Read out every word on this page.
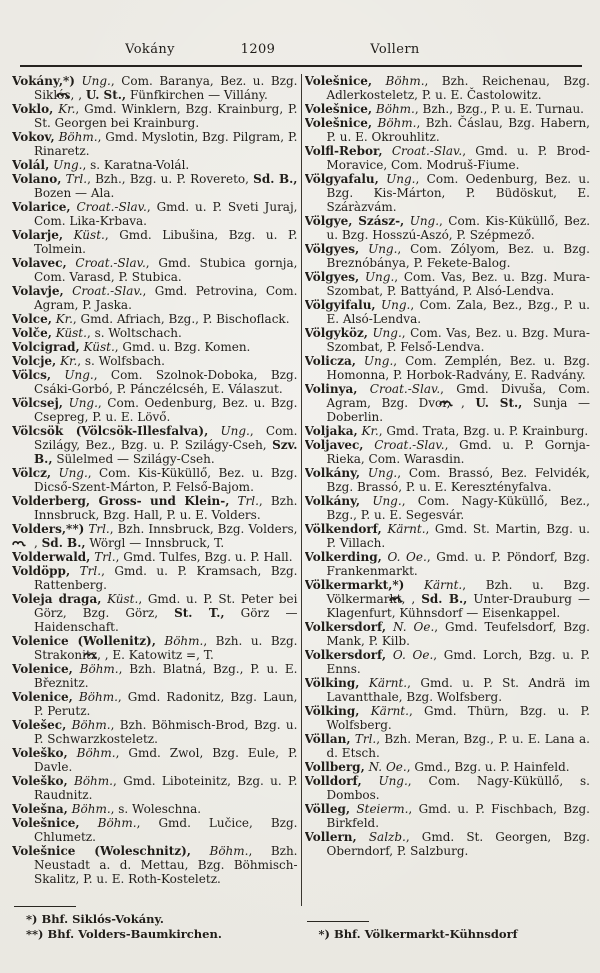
Vokány	1209	Vollern
Vokány,*) Ung., Com. Baranya, Bez. u. Bzg. Siklós, , U. St., Fünfkirchen — Villány.
Voklo, Kr., Gmd. Winklern, Bzg. Krainburg, P. St. Georgen bei Krainburg.
Vokov, Böhm., Gmd. Myslotin, Bzg. Pilgram, P. Rinaretz.
Volál, Ung., s. Karatna-Volál.
Volano, Trl., Bzh., Bzg. u. P. Rovereto, Sd. B., Bozen — Ala.
Volarice, Croat.-Slav., Gmd. u. P. Sveti Juraj, Com. Lika-Krbava.
Volarje, Küst., Gmd. Libušina, Bzg. u. P. Tolmein.
Volavec, Croat.-Slav., Gmd. Stubica gornja, Com. Varasd, P. Stubica.
Volavje, Croat.-Slav., Gmd. Petrovina, Com. Agram, P. Jaska.
Volce, Kr., Gmd. Afriach, Bzg., P. Bischoflack.
Volče, Küst., s. Woltschach.
Volcigrad, Küst., Gmd. u. Bzg. Komen.
Volcje, Kr., s. Wolfsbach.
Völcs, Ung., Com. Szolnok-Doboka, Bzg. Csáki-Gorbó, P. Pánczélcséh, E. Válaszut.
Völcsej, Ung., Com. Oedenburg, Bez. u. Bzg. Csepreg, P. u. E. Lövő.
Völcsök (Völcsök-Illesfalva), Ung., Com. Szilágy, Bez., Bzg. u. P. Szilágy-Cseh, Szv. B., Sülelmed — Szilágy-Cseh.
Völcz, Ung., Com. Kis-Küküllő, Bez. u. Bzg. Dicső-Szent-Márton, P. Felső-Bajom.
Volderberg, Gross- und Klein-, Trl., Bzh. Innsbruck, Bzg. Hall, P. u. E. Volders.
Volders,**) Trl., Bzh. Innsbruck, Bzg. Volders, , Sd. B., Wörgl — Innsbruck, T.
Volderwald, Trl., Gmd. Tulfes, Bzg. u. P. Hall.
Voldöpp, Trl., Gmd. u. P. Kramsach, Bzg. Rattenberg.
Voleja draga, Küst., Gmd. u. P. St. Peter bei Görz, Bzg. Görz, St. T., Görz — Haidenschaft.
Volenice (Wollenitz), Böhm., Bzh. u. Bzg. Strakonitz, , E. Katowitz =, T.
Volenice, Böhm., Bzh. Blatná, Bzg., P. u. E. Březnitz.
Volenice, Böhm., Gmd. Radonitz, Bzg. Laun, P. Perutz.
Volešec, Böhm., Bzh. Böhmisch-Brod, Bzg. u. P. Schwarzkosteletz.
Voleško, Böhm., Gmd. Zwol, Bzg. Eule, P. Davle.
Voleško, Böhm., Gmd. Liboteinitz, Bzg. u. P. Raudnitz.
Volešna, Böhm., s. Woleschna.
Volešnice, Böhm., Gmd. Lučice, Bzg. Chlumetz.
Volešnice (Woleschnitz), Böhm., Bzh. Neustadt a. d. Mettau, Bzg. Böhmisch-Skalitz, P. u. E. Roth-Kosteletz.
*) Bhf. Siklós-Vokány.
**) Bhf. Volders-Baumkirchen.
Volešnice, Böhm., Bzh. Reichenau, Bzg. Adlerkosteletz, P. u. E. Častolowitz.
Volešnice, Böhm., Bzh., Bzg., P. u. E. Turnau.
Volešnice, Böhm., Bzh. Čáslau, Bzg. Habern, P. u. E. Okrouhlitz.
Volfl-Rebor, Croat.-Slav., Gmd. u. P. Brod-Moravice, Com. Modruš-Fiume.
Völgyafalu, Ung., Com. Oedenburg, Bez. u. Bzg. Kis-Márton, P. Büdöskut, E. Száràzvám.
Völgye, Szász-, Ung., Com. Kis-Küküllő, Bez. u. Bzg. Hosszú-Aszó, P. Szépmező.
Völgyes, Ung., Com. Zólyom, Bez. u. Bzg. Breznóbánya, P. Fekete-Balog.
Völgyes, Ung., Com. Vas, Bez. u. Bzg. Mura-Szombat, P. Battyánd, P. Alsó-Lendva.
Völgyifalu, Ung., Com. Zala, Bez., Bzg., P. u. E. Alsó-Lendva.
Völgyköz, Ung., Com. Vas, Bez. u. Bzg. Mura-Szombat, P. Felső-Lendva.
Volicza, Ung., Com. Zemplén, Bez. u. Bzg. Homonna, P. Horbok-Radvány, E. Radvány.
Volinya, Croat.-Slav., Gmd. Divuša, Com. Agram, Bzg. Dvor, , U. St., Sunja — Doberlin.
Voljaka, Kr., Gmd. Trata, Bzg. u. P. Krainburg.
Voljavec, Croat.-Slav., Gmd. u. P. Gornja-Rieka, Com. Warasdin.
Volkány, Ung., Com. Brassó, Bez. Felvidék, Bzg. Brassó, P. u. E. Keresztényfalva.
Volkány, Ung., Com. Nagy-Küküllő, Bez., Bzg., P. u. E. Segesvár.
Völkendorf, Kärnt., Gmd. St. Martin, Bzg. u. P. Villach.
Volkerding, O. Oe., Gmd. u. P. Pöndorf, Bzg. Frankenmarkt.
Völkermarkt,*) Kärnt., Bzh. u. Bzg. Völkermarkt, , Sd. B., Unter-Drauburg — Klagenfurt, Kühnsdorf — Eisenkappel.
Volkersdorf, N. Oe., Gmd. Teufelsdorf, Bzg. Mank, P. Kilb.
Volkersdorf, O. Oe., Gmd. Lorch, Bzg. u. P. Enns.
Völking, Kärnt., Gmd. u. P. St. Andrä im Lavantthale, Bzg. Wolfsberg.
Völking, Kärnt., Gmd. Thürn, Bzg. u. P. Wolfsberg.
Völlan, Trl., Bzh. Meran, Bzg., P. u. E. Lana a. d. Etsch.
Vollberg, N. Oe., Gmd., Bzg. u. P. Hainfeld.
Volldorf, Ung., Com. Nagy-Küküllő, s. Dombos.
Völleg, Steierm., Gmd. u. P. Fischbach, Bzg. Birkfeld.
Vollern, Salzb., Gmd. St. Georgen, Bzg. Oberndorf, P. Salzburg.
*) Bhf. Völkermarkt-Kühnsdorf
